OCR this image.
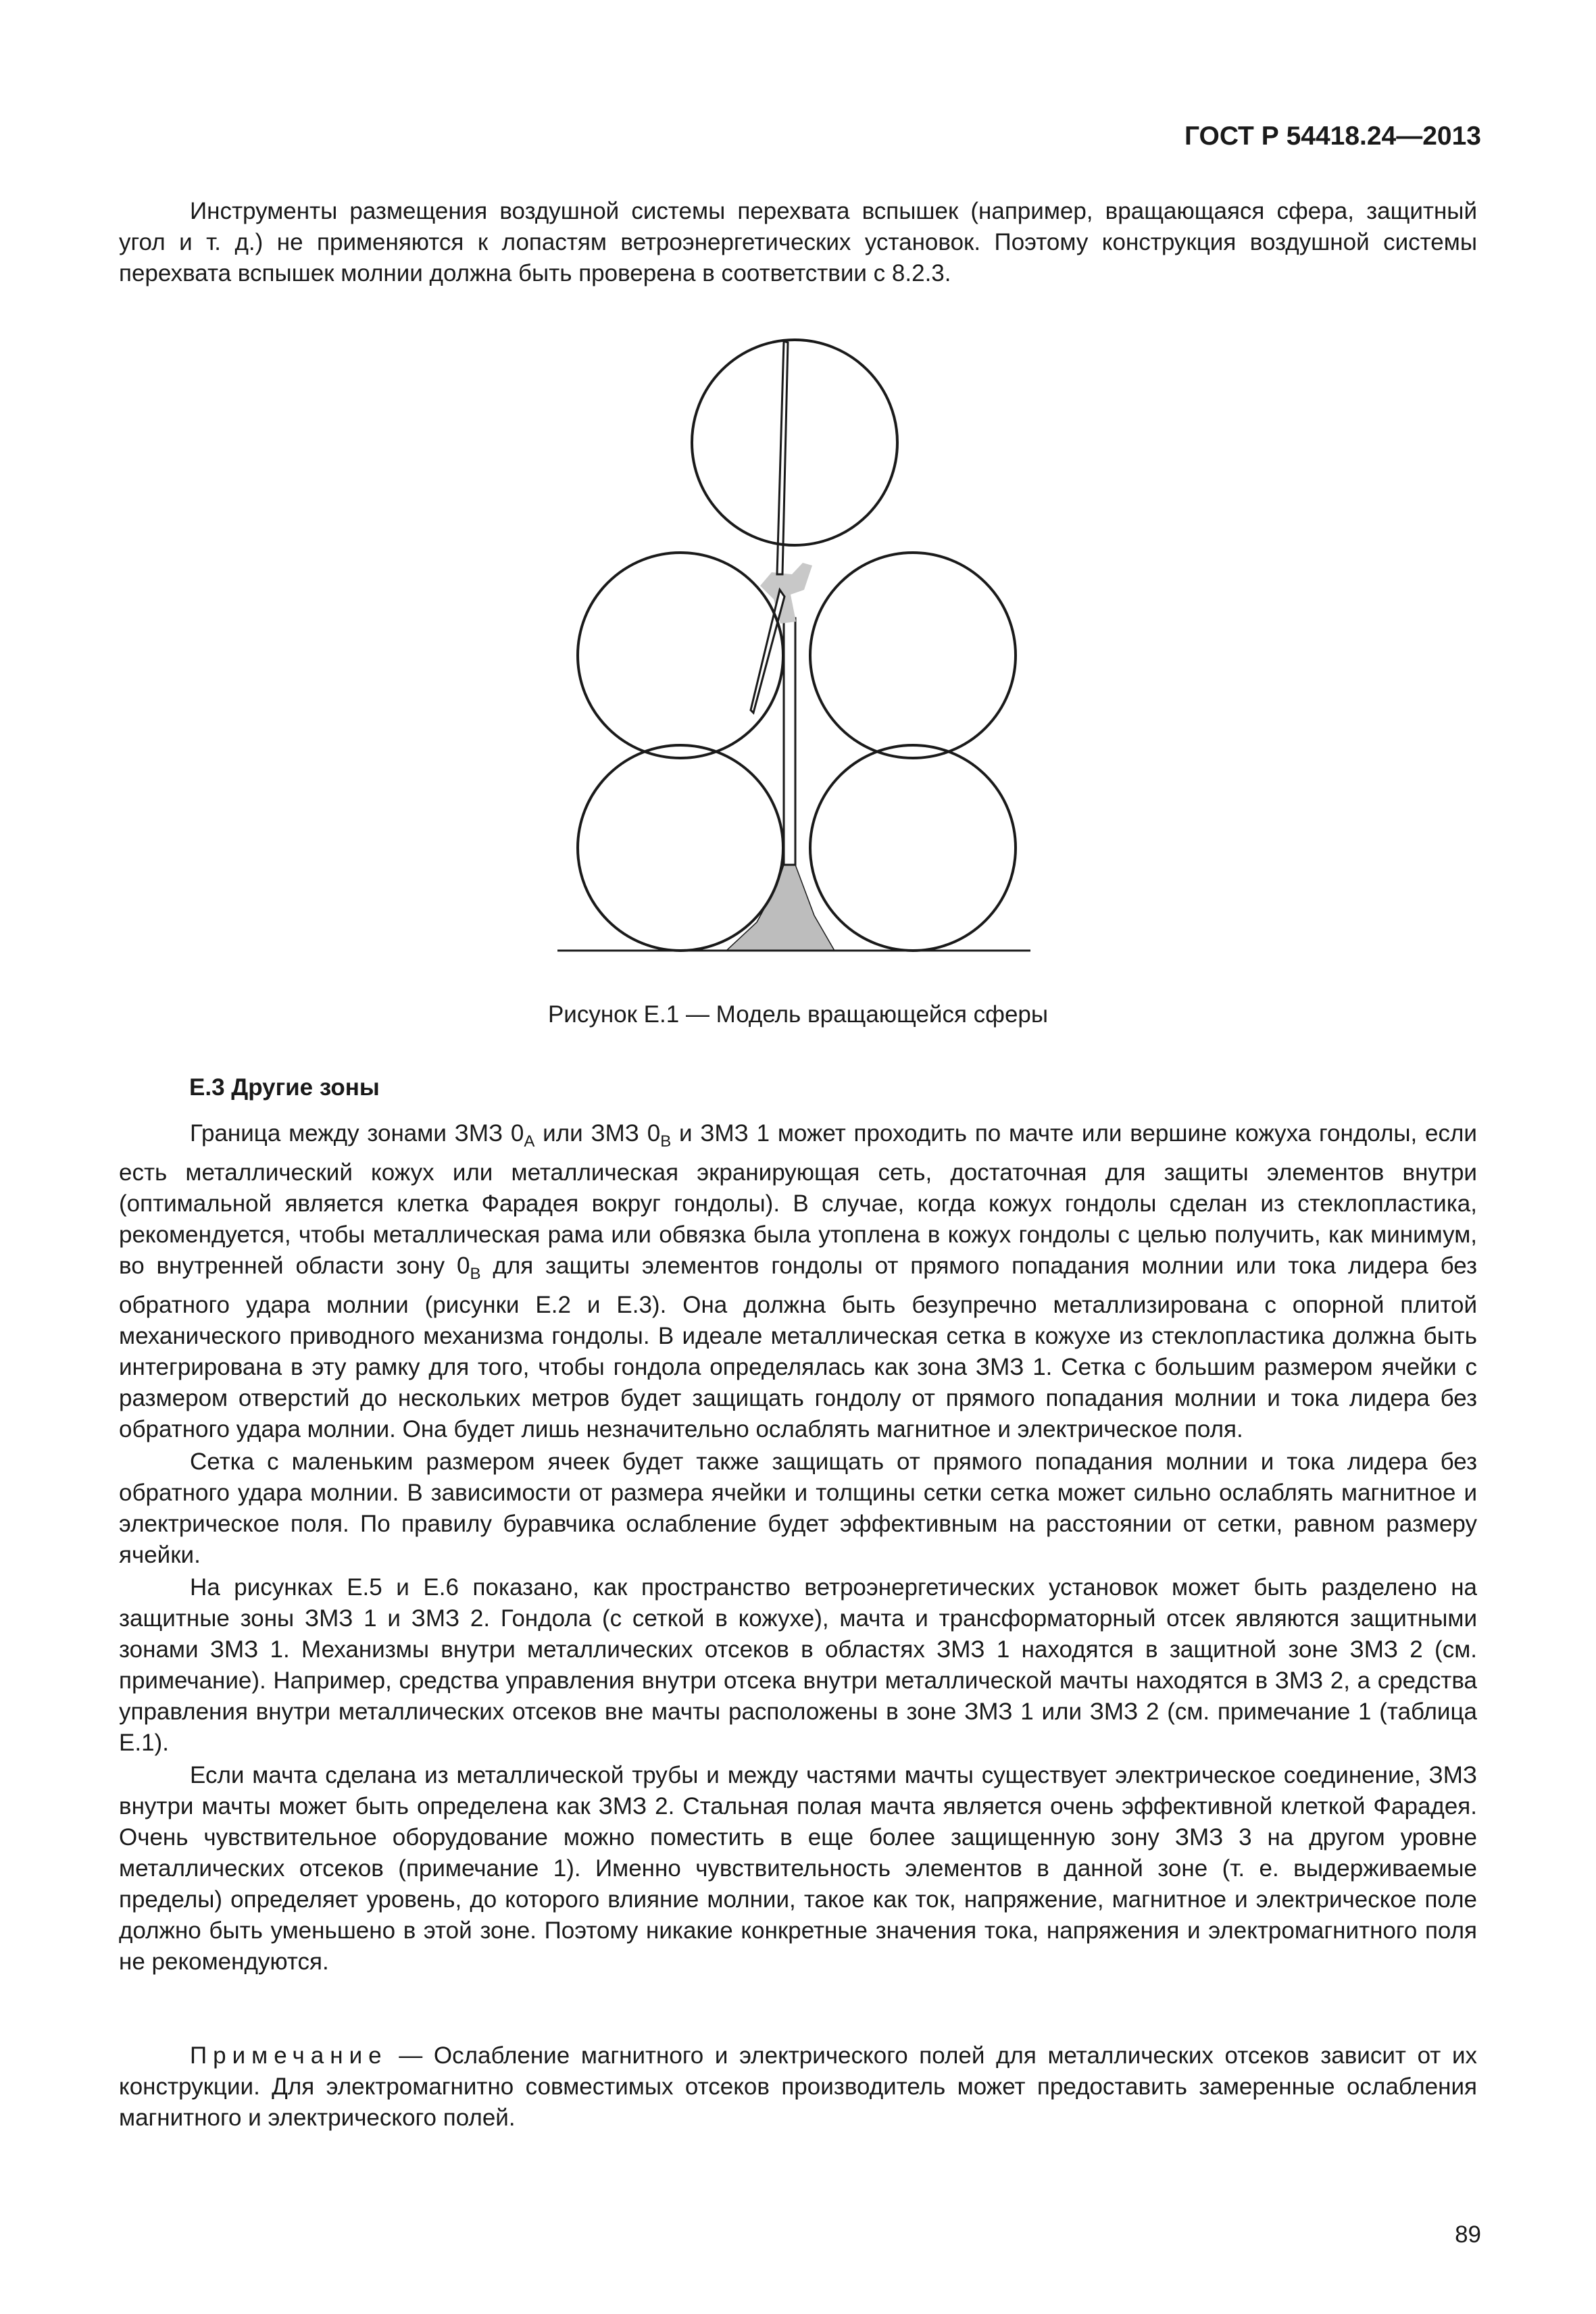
ГОСТ Р 54418.24—2013

Инструменты размещения воздушной системы перехвата вспышек (например, вращающаяся сфера, защитный угол и т. д.) не применяются к лопастям ветроэнергетических установок. Поэтому конструкция воздушной системы перехвата вспышек молнии должна быть проверена в соответствии с 8.2.3.

Рисунок Е.1 — Модель вращающейся сферы
Е.3 Другие зоны

Граница между зонами ЗМЗ $0_A$ или ЗМЗ $0_B$ и ЗМЗ 1 может проходить по мачте или вершине кожуха гондолы, если есть металлический кожух или металлическая экранирующая сеть, достаточная для защиты элементов внутри (оптимальной является клетка Фарадея вокруг гондолы). В случае, когда кожух гондолы сделан из стеклопластика, рекомендуется, чтобы металлическая рама или обвязка была утоплена в кожух гондолы с целью получить, как минимум, во внутренней области зону $0_B$ для защиты элементов гондолы от прямого попадания молнии или тока лидера без обратного удара молнии (рисунки Е.2 и Е.3). Она должна быть безупречно металлизирована с опорной плитой механического приводного механизма гондолы. В идеале металлическая сетка в кожухе из стеклопластика должна быть интегрирована в эту рамку для того, чтобы гондола определялась как зона ЗМЗ 1. Сетка с большим размером ячейки с размером отверстий до нескольких метров будет защищать гондолу от прямого попадания молнии и тока лидера без обратного удара молнии. Она будет лишь незначительно ослаблять магнитное и электрическое поля.

Сетка с маленьким размером ячеек будет также защищать от прямого попадания молнии и тока лидера без обратного удара молнии. В зависимости от размера ячейки и толщины сетки сетка может сильно ослаблять магнитное и электрическое поля. По правилу буравчика ослабление будет эффективным на расстоянии от сетки, равном размеру ячейки.

На рисунках Е.5 и Е.6 показано, как пространство ветроэнергетических установок может быть разделено на защитные зоны ЗМЗ 1 и ЗМЗ 2. Гондола (с сеткой в кожухе), мачта и трансформаторный отсек являются защитными зонами ЗМЗ 1. Механизмы внутри металлических отсеков в областях ЗМЗ 1 находятся в защитной зоне ЗМЗ 2 (см. примечание). Например, средства управления внутри отсека внутри металлической мачты находятся в ЗМЗ 2, а средства управления внутри металлических отсеков вне мачты расположены в зоне ЗМЗ 1 или ЗМЗ 2 (см. примечание 1 (таблица Е.1).

Если мачта сделана из металлической трубы и между частями мачты существует электрическое соединение, ЗМЗ внутри мачты может быть определена как ЗМЗ 2. Стальная полая мачта является очень эффективной клеткой Фарадея. Очень чувствительное оборудование можно поместить в еще более защищенную зону ЗМЗ 3 на другом уровне металлических отсеков (примечание 1). Именно чувствительность элементов в данной зоне (т. е. выдерживаемые пределы) определяет уровень, до которого влияние молнии, такое как ток, напряжение, магнитное и электрическое поле должно быть уменьшено в этой зоне. Поэтому никакие конкретные значения тока, напряжения и электромагнитного поля не рекомендуются.

Примечание — Ослабление магнитного и электрического полей для металлических отсеков зависит от их конструкции. Для электромагнитно совместимых отсеков производитель может предоставить замеренные ослабления магнитного и электрического полей.

89
